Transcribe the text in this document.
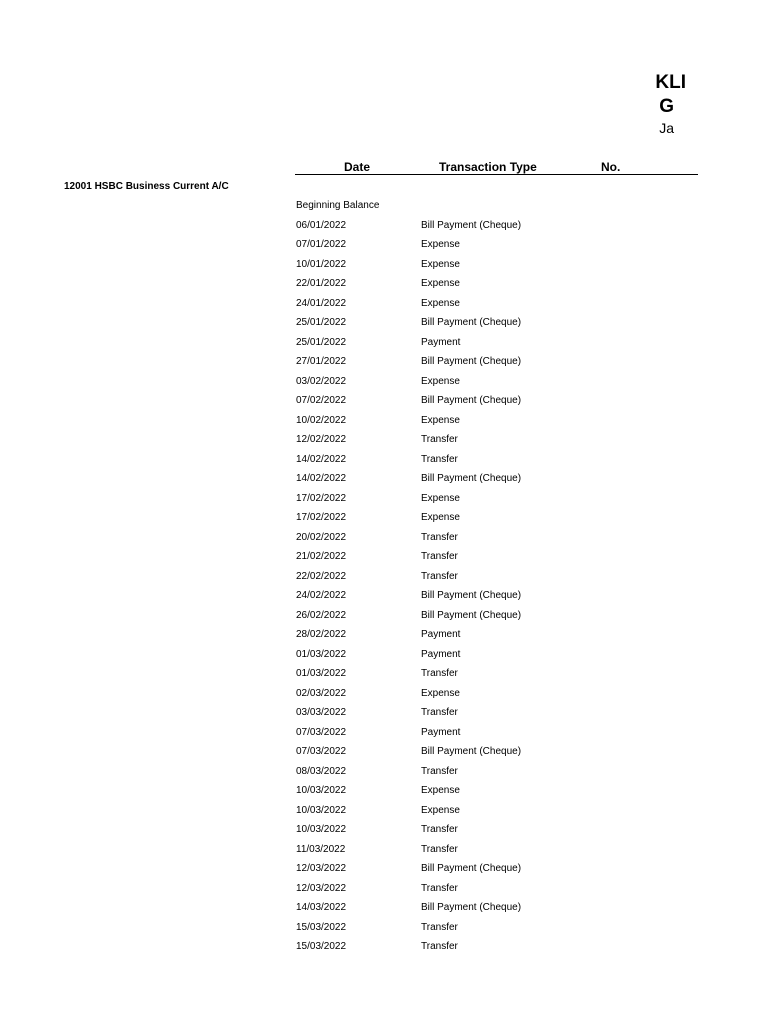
KLI
G
Ja
Date	Transaction Type	No.
12001 HSBC Business Current A/C
Beginning Balance
06/01/2022	Bill Payment (Cheque)
07/01/2022	Expense
10/01/2022	Expense
22/01/2022	Expense
24/01/2022	Expense
25/01/2022	Bill Payment (Cheque)
25/01/2022	Payment
27/01/2022	Bill Payment (Cheque)
03/02/2022	Expense
07/02/2022	Bill Payment (Cheque)
10/02/2022	Expense
12/02/2022	Transfer
14/02/2022	Transfer
14/02/2022	Bill Payment (Cheque)
17/02/2022	Expense
17/02/2022	Expense
20/02/2022	Transfer
21/02/2022	Transfer
22/02/2022	Transfer
24/02/2022	Bill Payment (Cheque)
26/02/2022	Bill Payment (Cheque)
28/02/2022	Payment
01/03/2022	Payment
01/03/2022	Transfer
02/03/2022	Expense
03/03/2022	Transfer
07/03/2022	Payment
07/03/2022	Bill Payment (Cheque)
08/03/2022	Transfer
10/03/2022	Expense
10/03/2022	Expense
10/03/2022	Transfer
11/03/2022	Transfer
12/03/2022	Bill Payment (Cheque)
12/03/2022	Transfer
14/03/2022	Bill Payment (Cheque)
15/03/2022	Transfer
15/03/2022	Transfer
